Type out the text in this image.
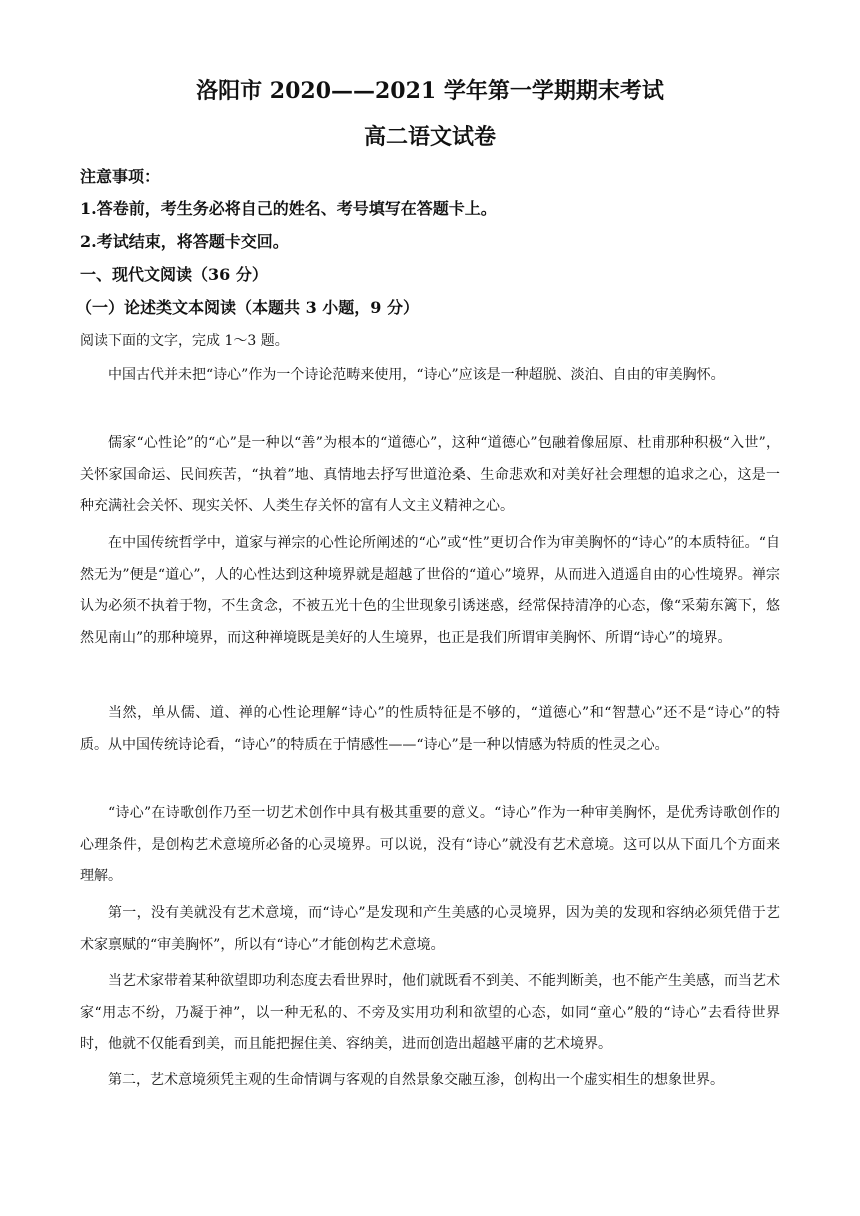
洛阳市 2020——2021 学年第一学期期末考试
高二语文试卷
注意事项：
1.答卷前，考生务必将自己的姓名、考号填写在答题卡上。
2.考试结束，将答题卡交回。
一、现代文阅读（36 分）
（一）论述类文本阅读（本题共 3 小题，9 分）
阅读下面的文字，完成 1～3 题。

中国古代并未把“诗心”作为一个诗论范畴来使用，“诗心”应该是一种超脱、淡泊、自由的审美胸怀。

儒家“心性论”的“心”是一种以“善”为根本的“道德心”，这种“道德心”包融着像屈原、杜甫那种积极“入世”，关怀家国命运、民间疾苦，“执着”地、真情地去抒写世道沧桑、生命悲欢和对美好社会理想的追求之心，这是一种充满社会关怀、现实关怀、人类生存关怀的富有人文主义精神之心。

在中国传统哲学中，道家与禅宗的心性论所阐述的“心”或“性”更切合作为审美胸怀的“诗心”的本质特征。“自然无为”便是“道心”，人的心性达到这种境界就是超越了世俗的“道心”境界，从而进入逍遥自由的心性境界。禅宗认为必须不执着于物，不生贪念，不被五光十色的尘世现象引诱迷惑，经常保持清净的心态，像“采菊东篱下，悠然见南山”的那种境界，而这种禅境既是美好的人生境界，也正是我们所谓审美胸怀、所谓“诗心”的境界。

当然，单从儒、道、禅的心性论理解“诗心”的性质特征是不够的，“道德心”和“智慧心”还不是“诗心”的特质。从中国传统诗论看，“诗心”的特质在于情感性——“诗心”是一种以情感为特质的性灵之心。

“诗心”在诗歌创作乃至一切艺术创作中具有极其重要的意义。“诗心”作为一种审美胸怀，是优秀诗歌创作的心理条件，是创构艺术意境所必备的心灵境界。可以说，没有“诗心”就没有艺术意境。这可以从下面几个方面来理解。

第一，没有美就没有艺术意境，而“诗心”是发现和产生美感的心灵境界，因为美的发现和容纳必须凭借于艺术家禀赋的“审美胸怀”，所以有“诗心”才能创构艺术意境。

当艺术家带着某种欲望即功利态度去看世界时，他们就既看不到美、不能判断美，也不能产生美感，而当艺术家“用志不纷，乃凝于神”，以一种无私的、不旁及实用功利和欲望的心态，如同“童心”般的“诗心”去看待世界时，他就不仅能看到美，而且能把握住美、容纳美，进而创造出超越平庸的艺术境界。

第二，艺术意境须凭主观的生命情调与客观的自然景象交融互渗，创构出一个虚实相生的想象世界。
